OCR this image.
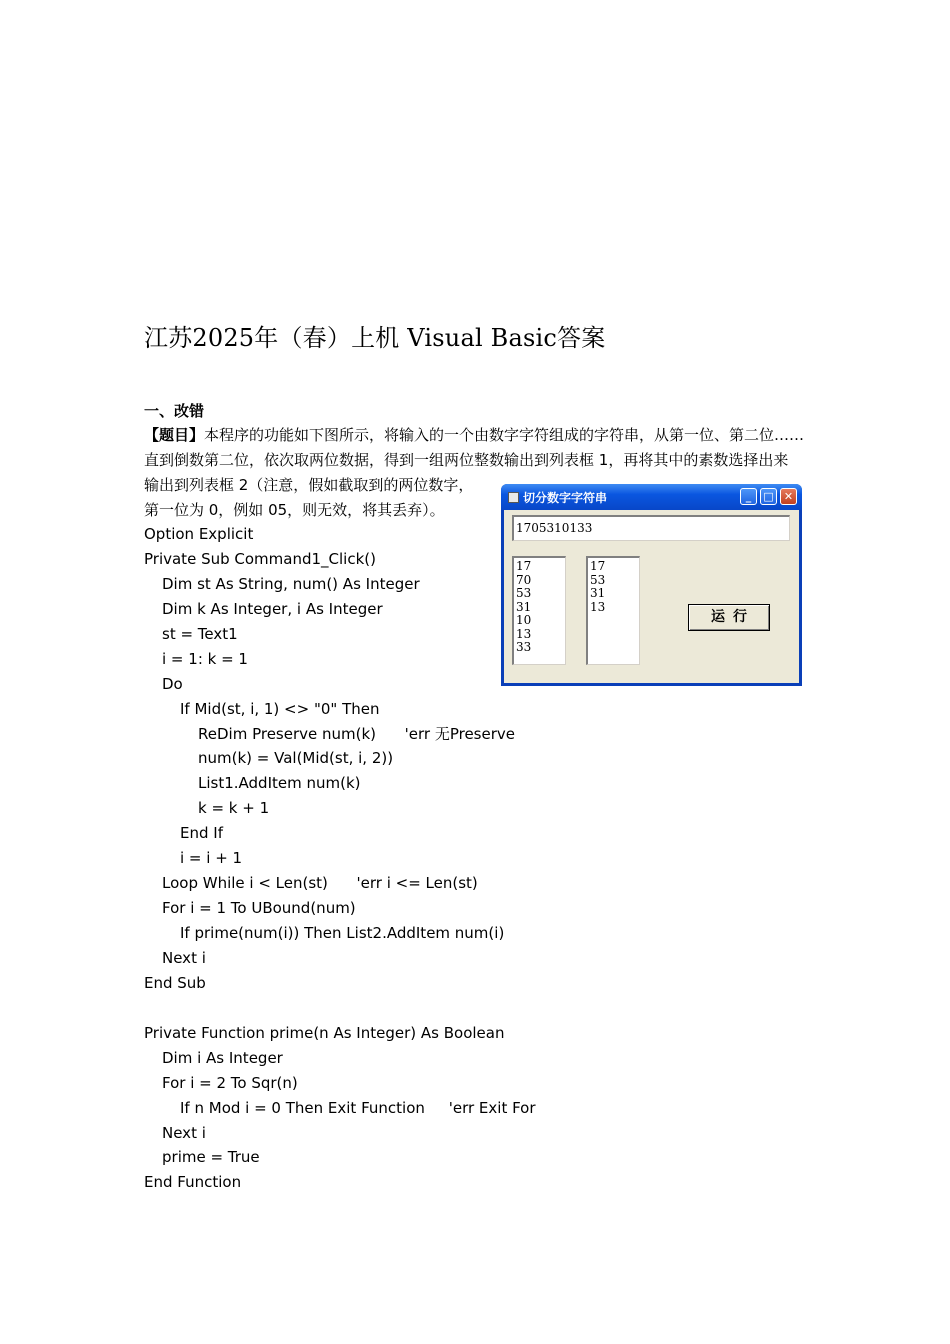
江苏2025年（春）上机 Visual Basic答案
一、改错
【题目】本程序的功能如下图所示，将输入的一个由数字字符组成的字符串，从第一位、第二位……
直到倒数第二位，依次取两位数据，得到一组两位整数输出到列表框 1，再将其中的素数选择出来
输出到列表框 2（注意，假如截取到的两位数字，
第一位为 0，例如 05，则无效，将其丢弃）。
Option Explicit
Private Sub Command1_Click()
Dim st As String, num() As Integer
Dim k As Integer, i As Integer
st = Text1
i = 1: k = 1
Do
If Mid(st, i, 1) <> "0" Then
ReDim Preserve num(k)      'err 无Preserve
num(k) = Val(Mid(st, i, 2))
List1.AddItem num(k)
k = k + 1
End If
i = i + 1
Loop While i < Len(st)      'err i <= Len(st)
For i = 1 To UBound(num)
If prime(num(i)) Then List2.AddItem num(i)
Next i
End Sub
Private Function prime(n As Integer) As Boolean
Dim i As Integer
For i = 2 To Sqr(n)
If n Mod i = 0 Then Exit Function     'err Exit For
Next i
prime = True
End Function
切分数字字符串	_	□ ✕
1705310133
17
70
53
31
10
13
33
17
53
31
13
运行
